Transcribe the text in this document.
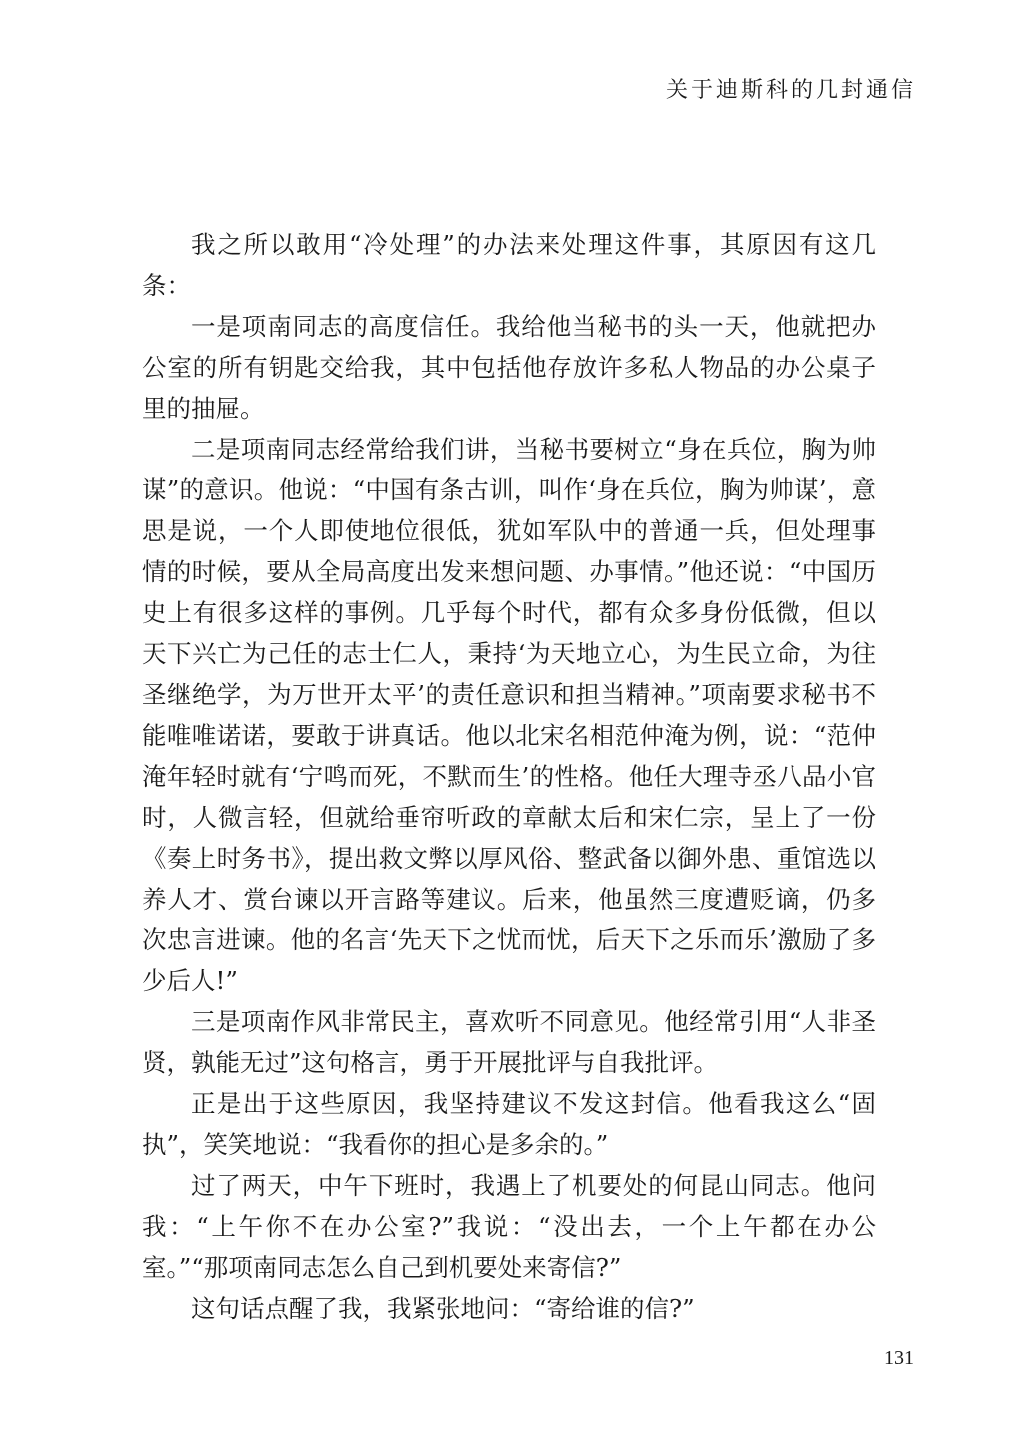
关于迪斯科的几封通信

我之所以敢用“冷处理”的办法来处理这件事，其原因有这几条：

一是项南同志的高度信任。我给他当秘书的头一天，他就把办公室的所有钥匙交给我，其中包括他存放许多私人物品的办公桌子里的抽屉。

二是项南同志经常给我们讲，当秘书要树立“身在兵位，胸为帅谋”的意识。他说：“中国有条古训，叫作‘身在兵位，胸为帅谋’，意思是说，一个人即使地位很低，犹如军队中的普通一兵，但处理事情的时候，要从全局高度出发来想问题、办事情。”他还说：“中国历史上有很多这样的事例。几乎每个时代，都有众多身份低微，但以天下兴亡为己任的志士仁人，秉持‘为天地立心，为生民立命，为往圣继绝学，为万世开太平’的责任意识和担当精神。”项南要求秘书不能唯唯诺诺，要敢于讲真话。他以北宋名相范仲淹为例，说：“范仲淹年轻时就有‘宁鸣而死，不默而生’的性格。他任大理寺丞八品小官时，人微言轻，但就给垂帘听政的章献太后和宋仁宗，呈上了一份《奏上时务书》，提出救文弊以厚风俗、整武备以御外患、重馆选以养人才、赏台谏以开言路等建议。后来，他虽然三度遭贬谪，仍多次忠言进谏。他的名言‘先天下之忧而忧，后天下之乐而乐’激励了多少后人!”

三是项南作风非常民主，喜欢听不同意见。他经常引用“人非圣贤，孰能无过”这句格言，勇于开展批评与自我批评。

正是出于这些原因，我坚持建议不发这封信。他看我这么“固执”，笑笑地说：“我看你的担心是多余的。”

过了两天，中午下班时，我遇上了机要处的何昆山同志。他问我：“上午你不在办公室?”我说：“没出去，一个上午都在办公室。”“那项南同志怎么自己到机要处来寄信?”

这句话点醒了我，我紧张地问：“寄给谁的信?”

131
